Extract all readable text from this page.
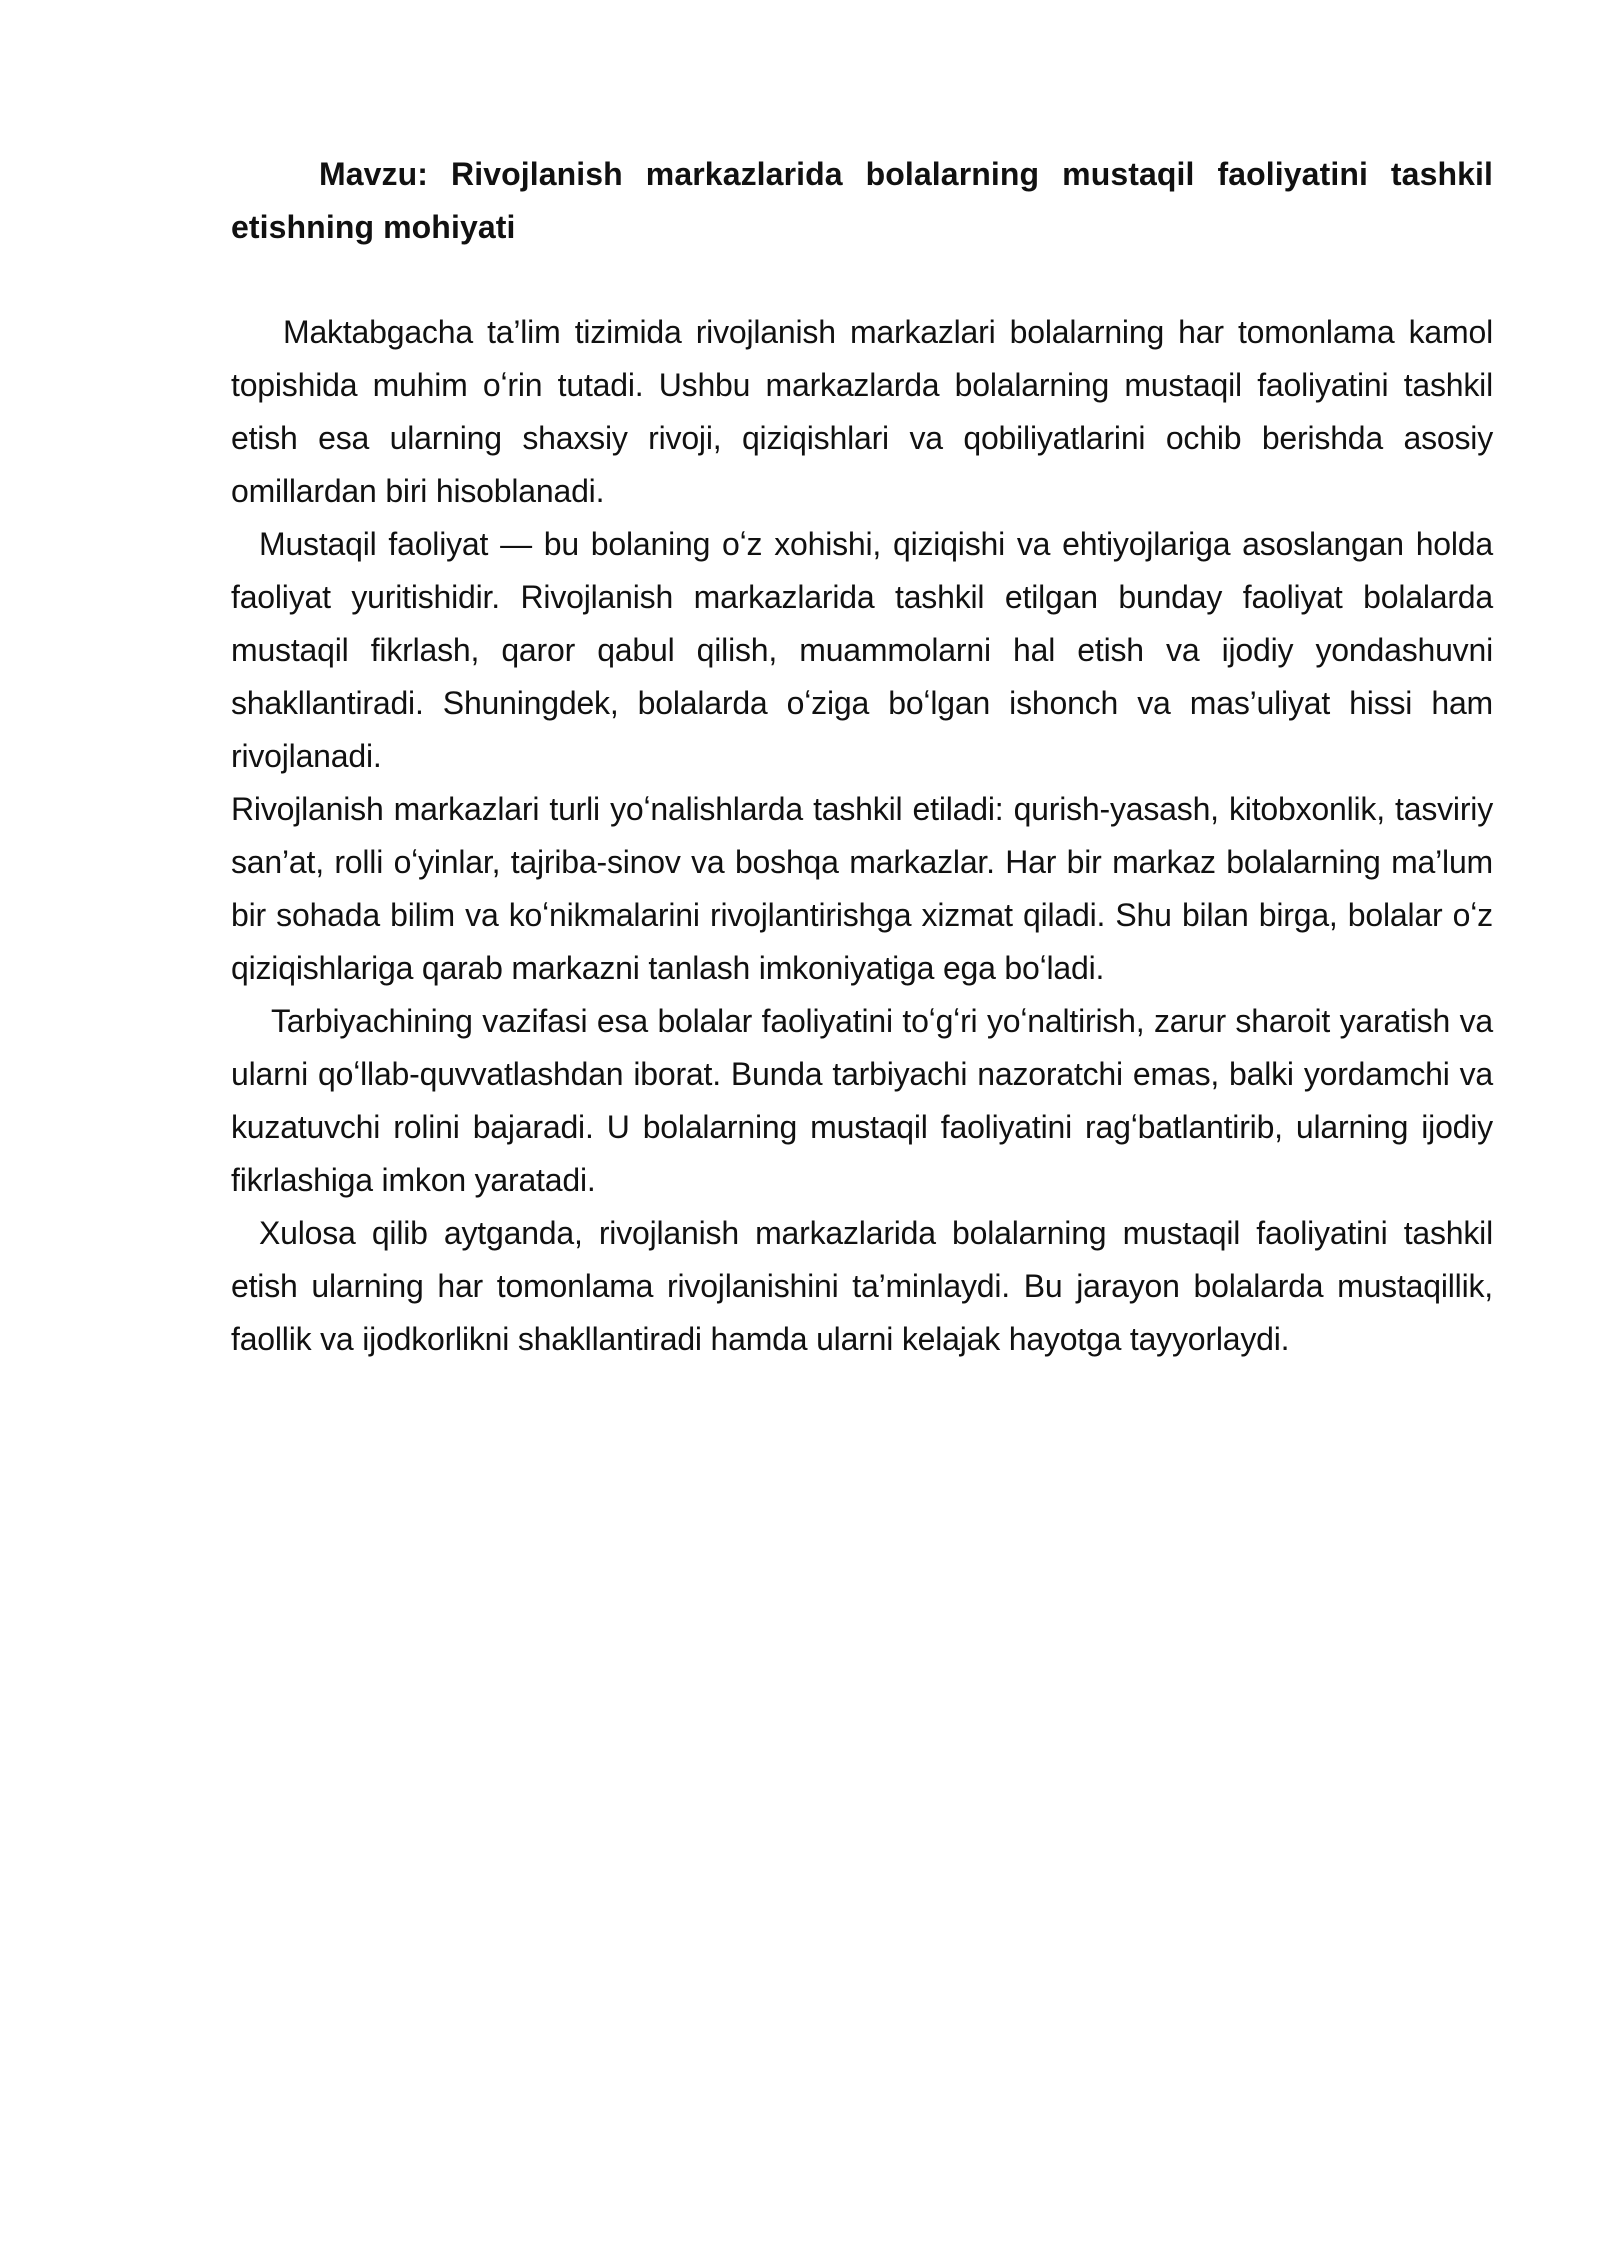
Mavzu: Rivojlanish markazlarida bolalarning mustaqil faoliyatini tashkil etishning mohiyati

Maktabgacha ta’lim tizimida rivojlanish markazlari bolalarning har tomonlama kamol topishida muhim oʻrin tutadi. Ushbu markazlarda bolalarning mustaqil faoliyatini tashkil etish esa ularning shaxsiy rivoji, qiziqishlari va qobiliyatlarini ochib berishda asosiy omillardan biri hisoblanadi.

Mustaqil faoliyat — bu bolaning oʻz xohishi, qiziqishi va ehtiyojlariga asoslangan holda faoliyat yuritishidir. Rivojlanish markazlarida tashkil etilgan bunday faoliyat bolalarda mustaqil fikrlash, qaror qabul qilish, muammolarni hal etish va ijodiy yondashuvni shakllantiradi. Shuningdek, bolalarda oʻziga boʻlgan ishonch va mas’uliyat hissi ham rivojlanadi.

Rivojlanish markazlari turli yoʻnalishlarda tashkil etiladi: qurish-yasash, kitobxonlik, tasviriy san’at, rolli oʻyinlar, tajriba-sinov va boshqa markazlar. Har bir markaz bolalarning ma’lum bir sohada bilim va koʻnikmalarini rivojlantirishga xizmat qiladi. Shu bilan birga, bolalar oʻz qiziqishlariga qarab markazni tanlash imkoniyatiga ega boʻladi.

Tarbiyachining vazifasi esa bolalar faoliyatini toʻgʻri yoʻnaltirish, zarur sharoit yaratish va ularni qoʻllab-quvvatlashdan iborat. Bunda tarbiyachi nazoratchi emas, balki yordamchi va kuzatuvchi rolini bajaradi. U bolalarning mustaqil faoliyatini ragʻbatlantirib, ularning ijodiy fikrlashiga imkon yaratadi.

Xulosa qilib aytganda, rivojlanish markazlarida bolalarning mustaqil faoliyatini tashkil etish ularning har tomonlama rivojlanishini ta’minlaydi. Bu jarayon bolalarda mustaqillik, faollik va ijodkorlikni shakllantiradi hamda ularni kelajak hayotga tayyorlaydi.
